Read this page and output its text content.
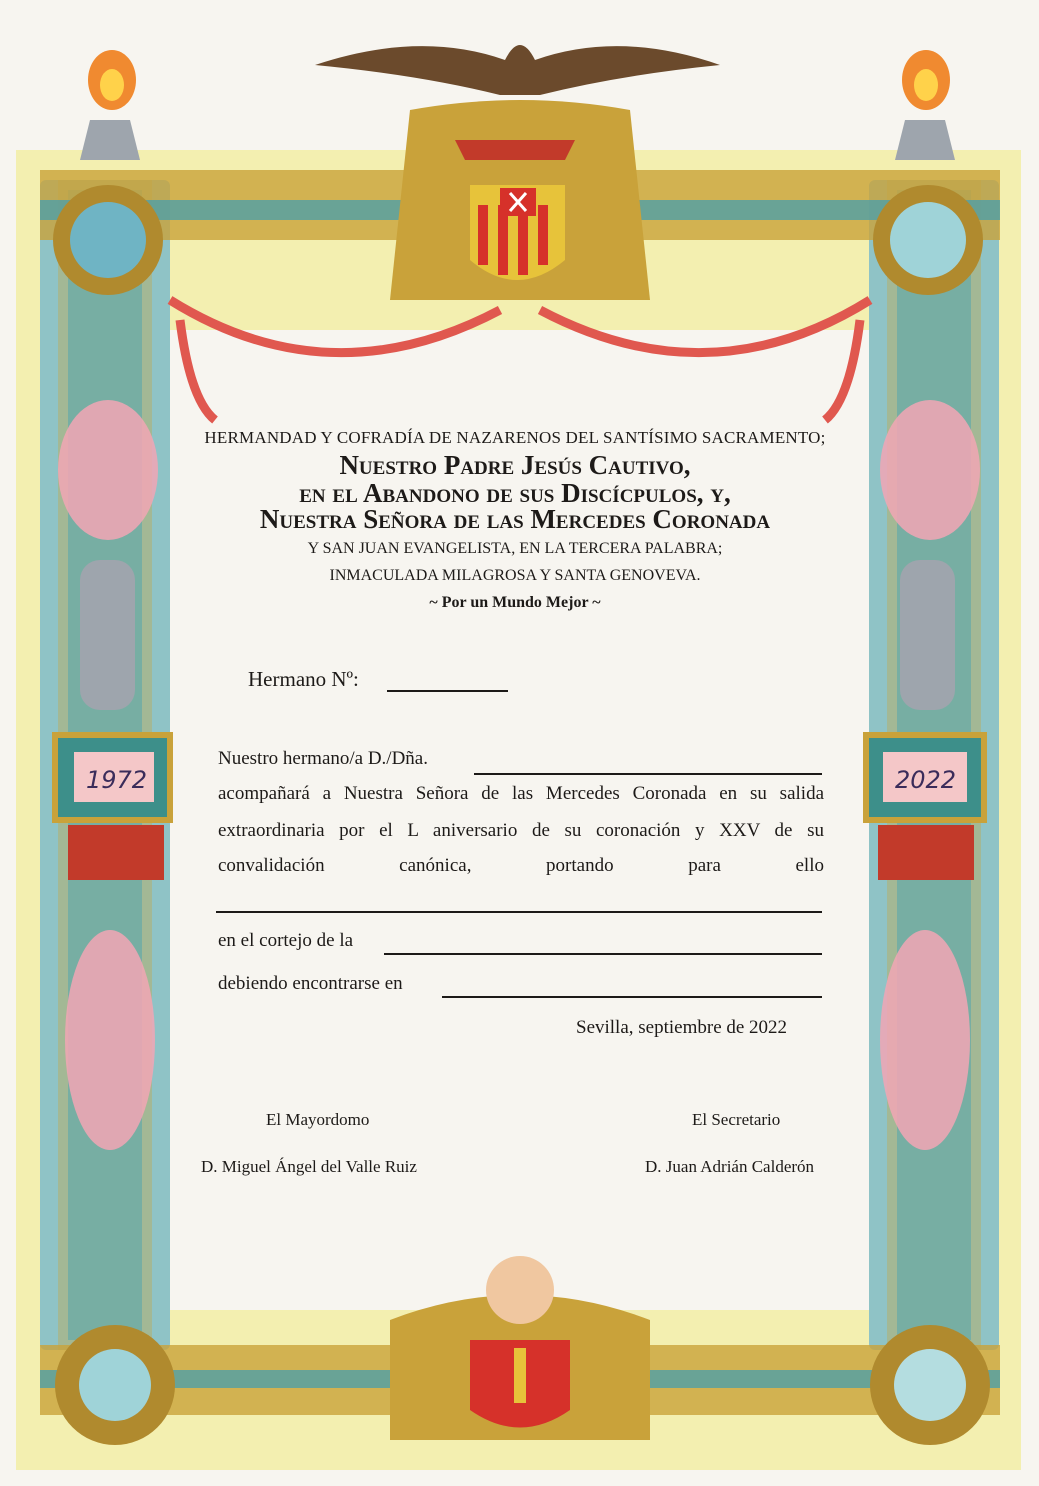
HERMANDAD Y COFRADÍA DE NAZARENOS DEL SANTÍSIMO SACRAMENTO;
Nuestro Padre Jesús Cautivo,
en el Abandono de sus Discícpulos, y,
Nuestra Señora de las Mercedes Coronada
Y SAN JUAN EVANGELISTA, EN LA TERCERA PALABRA;
INMACULADA MILAGROSA Y SANTA GENOVEVA.
~ Por un Mundo Mejor ~
Hermano Nº:
Nuestro hermano/a D./Dña.
acompañará a Nuestra Señora de las Mercedes Coronada en su salida
extraordinaria por el L aniversario de su coronación y XXV de su
convalidación canónica, portando para ello
en el cortejo de la
debiendo encontrarse en
Sevilla, septiembre de 2022
El Mayordomo
D. Miguel Ángel del Valle Ruiz
El Secretario
D. Juan Adrián Calderón
1972	2022
